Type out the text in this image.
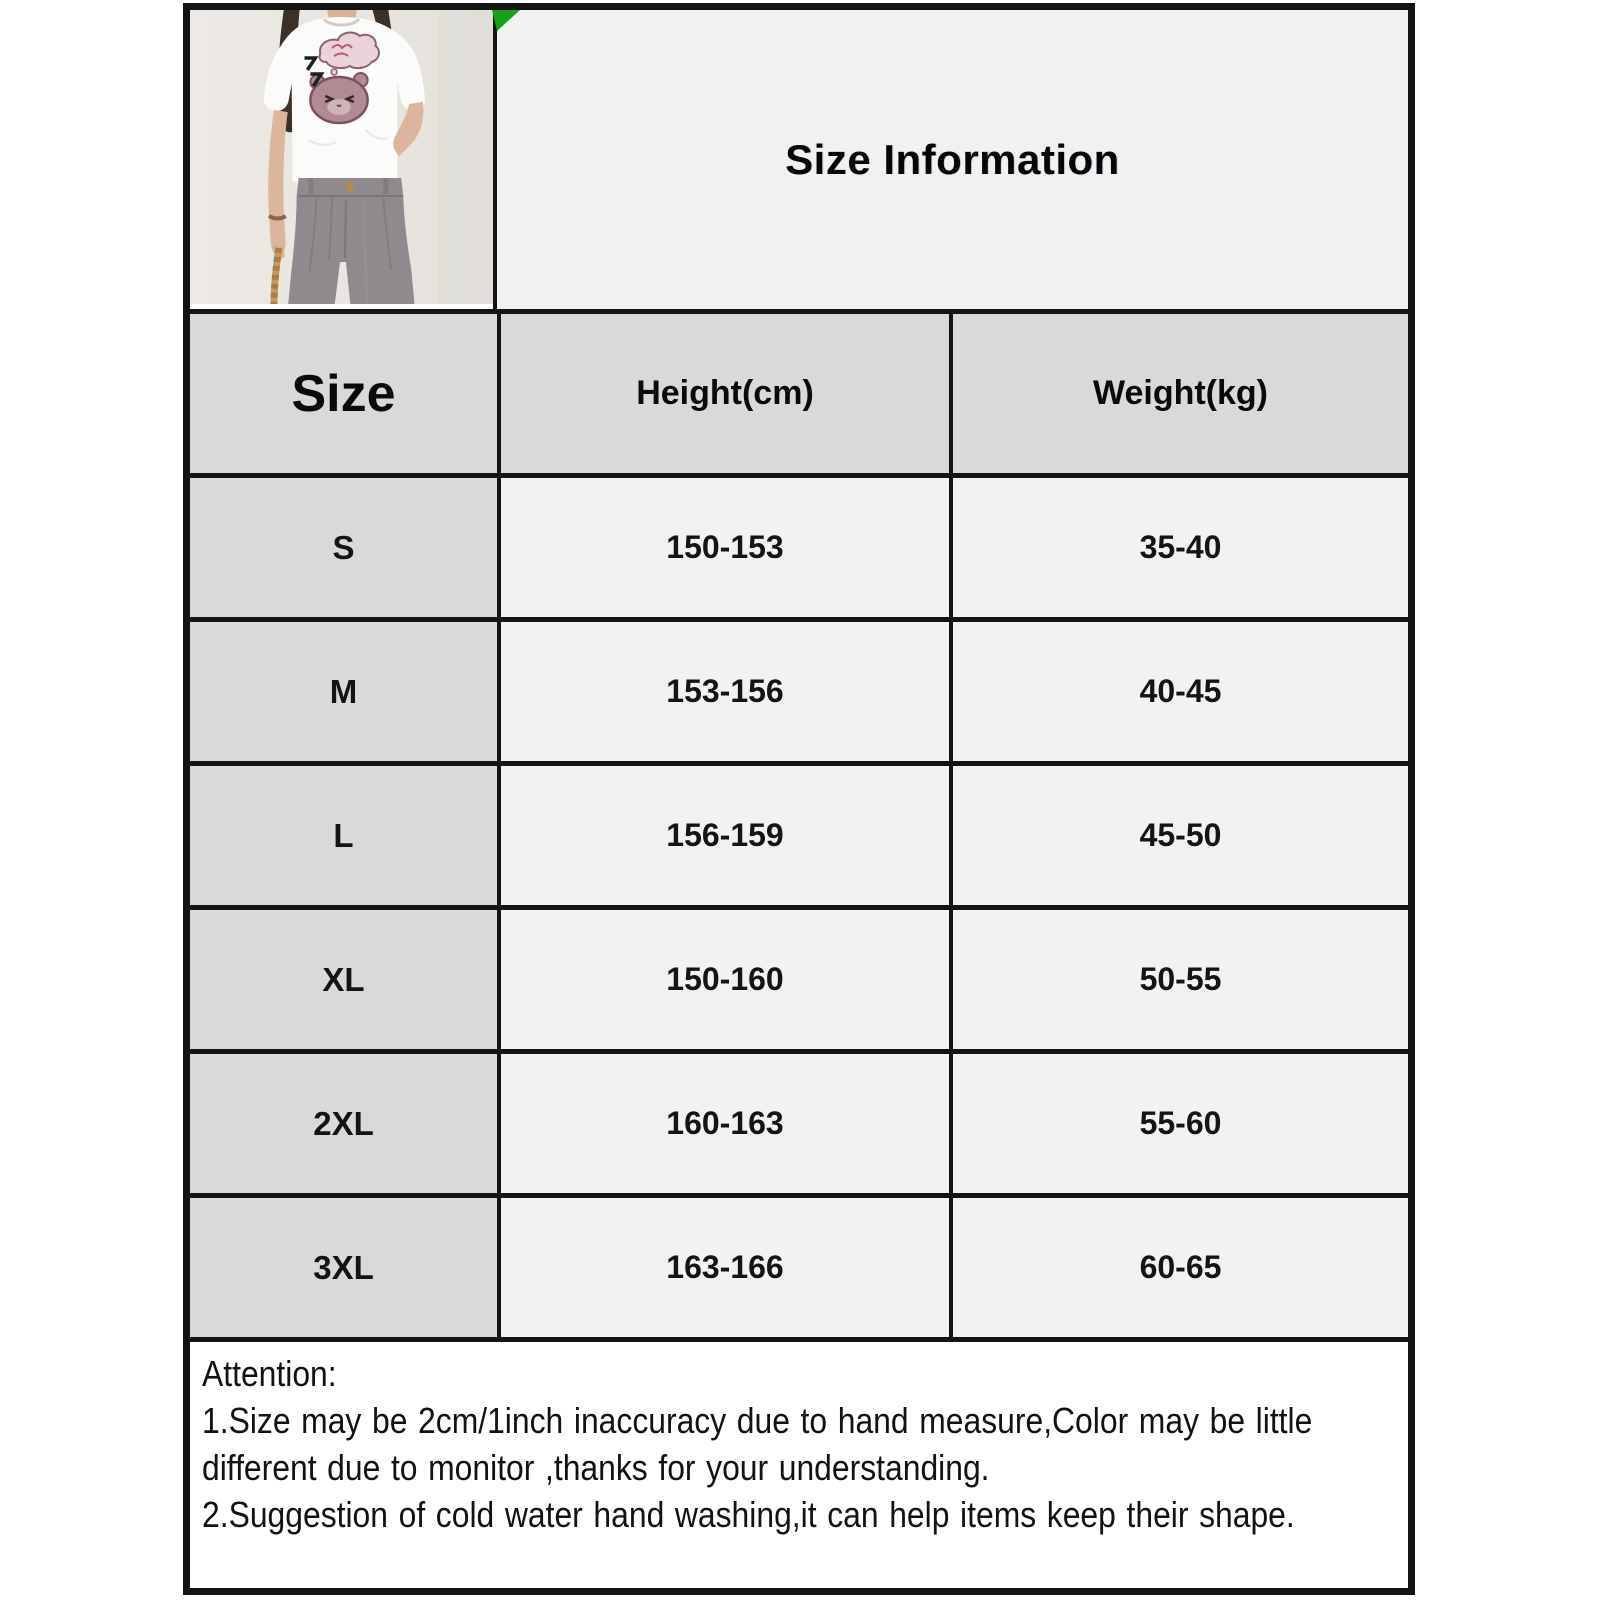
Size Information
Size	Height(cm)	Weight(kg)
S	150-153	35-40
M	153-156	40-45
L	156-159	45-50
XL	150-160	50-55
2XL	160-163	55-60
3XL	163-166	60-65
Attention:
1.Size may be 2cm/1inch inaccuracy due to hand measure,Color may be little
different due to monitor ,thanks for your understanding.
2.Suggestion of cold water hand washing,it can help items keep their shape.
